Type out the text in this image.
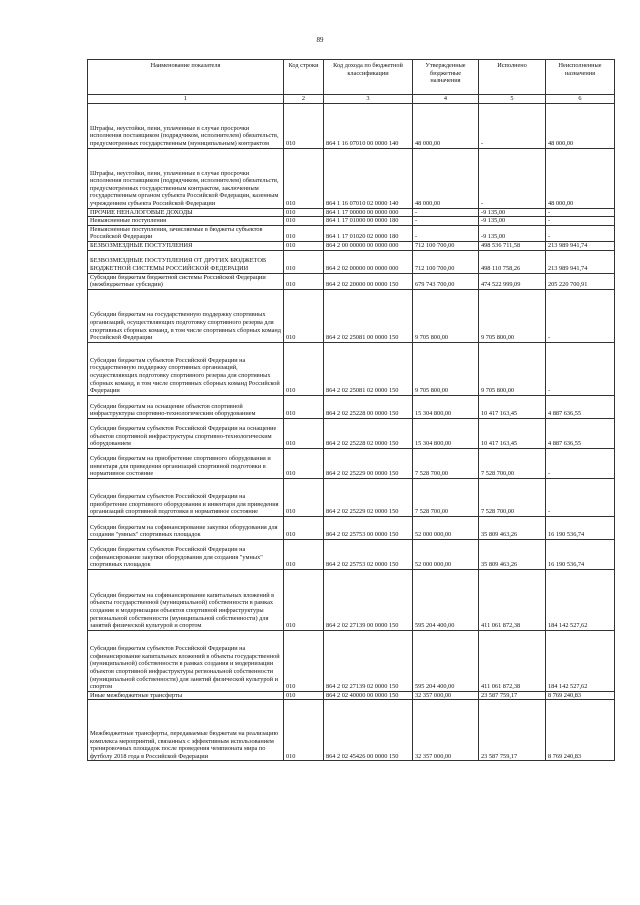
89
Наименование показателя	Код строки	Код дохода по бюджетной классификации	Утвержденные бюджетные назначения	Исполнено	Неисполненные назначения
1	2	3	4	5	6
Штрафы, неустойки, пени, уплаченные в случае просрочки исполнения поставщиком (подрядчиком, исполнителем) обязательств, предусмотренных государственным (муниципальным) контрактом	010	864 1 16 07010 00 0000 140	48 000,00	-	48 000,00
Штрафы, неустойки, пени, уплаченные в случае просрочки исполнения поставщиком (подрядчиком, исполнителем) обязательств, предусмотренных государственным контрактом, заключенным государственным органом субъекта Российской Федерации, казенным учреждением субъекта Российской Федерации	010	864 1 16 07010 02 0000 140	48 000,00	-	48 000,00
ПРОЧИЕ НЕНАЛОГОВЫЕ ДОХОДЫ	010	864 1 17 00000 00 0000 000	-	-9 135,00	-
Невыясненные поступления	010	864 1 17 01000 00 0000 180	-	-9 135,00	-
Невыясненные поступления, зачисляемые в бюджеты субъектов Российской Федерации	010	864 1 17 01020 02 0000 180	-	-9 135,00	-
БЕЗВОЗМЕЗДНЫЕ ПОСТУПЛЕНИЯ	010	864 2 00 00000 00 0000 000	712 100 700,00	498 536 711,58	213 989 941,74
БЕЗВОЗМЕЗДНЫЕ ПОСТУПЛЕНИЯ ОТ ДРУГИХ БЮДЖЕТОВ БЮДЖЕТНОЙ СИСТЕМЫ РОССИЙСКОЙ ФЕДЕРАЦИИ	010	864 2 02 00000 00 0000 000	712 100 700,00	498 110 758,26	213 989 941,74
Субсидии бюджетам бюджетной системы Российской Федерации (межбюджетные субсидии)	010	864 2 02 20000 00 0000 150	679 743 700,00	474 522 999,09	205 220 700,91
Субсидии бюджетам на государственную поддержку спортивных организаций, осуществляющих подготовку спортивного резерва для спортивных сборных команд, в том числе спортивных сборных команд Российской Федерации	010	864 2 02 25081 00 0000 150	9 705 800,00	9 705 800,00	-
Субсидии бюджетам субъектов Российской Федерации на государственную поддержку спортивных организаций, осуществляющих подготовку спортивного резерва для спортивных сборных команд, в том числе спортивных сборных команд Российской Федерации	010	864 2 02 25081 02 0000 150	9 705 800,00	9 705 800,00	-
Субсидии бюджетам на оснащение объектов спортивной инфраструктуры спортивно-технологическим оборудованием	010	864 2 02 25228 00 0000 150	15 304 800,00	10 417 163,45	4 887 636,55
Субсидии бюджетам субъектов Российской Федерации на оснащение объектов спортивной инфраструктуры спортивно-технологическим оборудованием	010	864 2 02 25228 02 0000 150	15 304 800,00	10 417 163,45	4 887 636,55
Субсидии бюджетам на приобретение спортивного оборудования и инвентаря для приведения организаций спортивной подготовки в нормативное состояние	010	864 2 02 25229 00 0000 150	7 528 700,00	7 528 700,00	-
Субсидии бюджетам субъектов Российской Федерации на приобретение спортивного оборудования и инвентаря для приведения организаций спортивной подготовки в нормативное состояние	010	864 2 02 25229 02 0000 150	7 528 700,00	7 528 700,00	-
Субсидии бюджетам на софинансирование закупки оборудования для создания "умных" спортивных площадок	010	864 2 02 25753 00 0000 150	52 000 000,00	35 809 463,26	16 190 536,74
Субсидии бюджетам субъектов Российской Федерации на софинансирование закупки оборудования для создания "умных" спортивных площадок	010	864 2 02 25753 02 0000 150	52 000 000,00	35 809 463,26	16 190 536,74
Субсидии бюджетам на софинансирование капитальных вложений в объекты государственной (муниципальной) собственности в рамках создания и модернизации объектов спортивной инфраструктуры региональной собственности (муниципальной собственности) для занятий физической культурой и спортом	010	864 2 02 27139 00 0000 150	595 204 400,00	411 061 872,38	184 142 527,62
Субсидии бюджетам субъектов Российской Федерации на софинансирование капитальных вложений в объекты государственной (муниципальной) собственности в рамках создания и модернизации объектов спортивной инфраструктуры региональной собственности (муниципальной собственности) для занятий физической культурой и спортом	010	864 2 02 27139 02 0000 150	595 204 400,00	411 061 872,38	184 142 527,62
Иные межбюджетные трансферты	010	864 2 02 40000 00 0000 150	32 357 000,00	23 587 759,17	8 769 240,83
Межбюджетные трансферты, передаваемые бюджетам на реализацию комплекса мероприятий, связанных с эффективным использованием тренировочных площадок после проведения чемпионата мира по футболу 2018 года в Российской Федерации	010	864 2 02 45426 00 0000 150	32 357 000,00	23 587 759,17	8 769 240,83
